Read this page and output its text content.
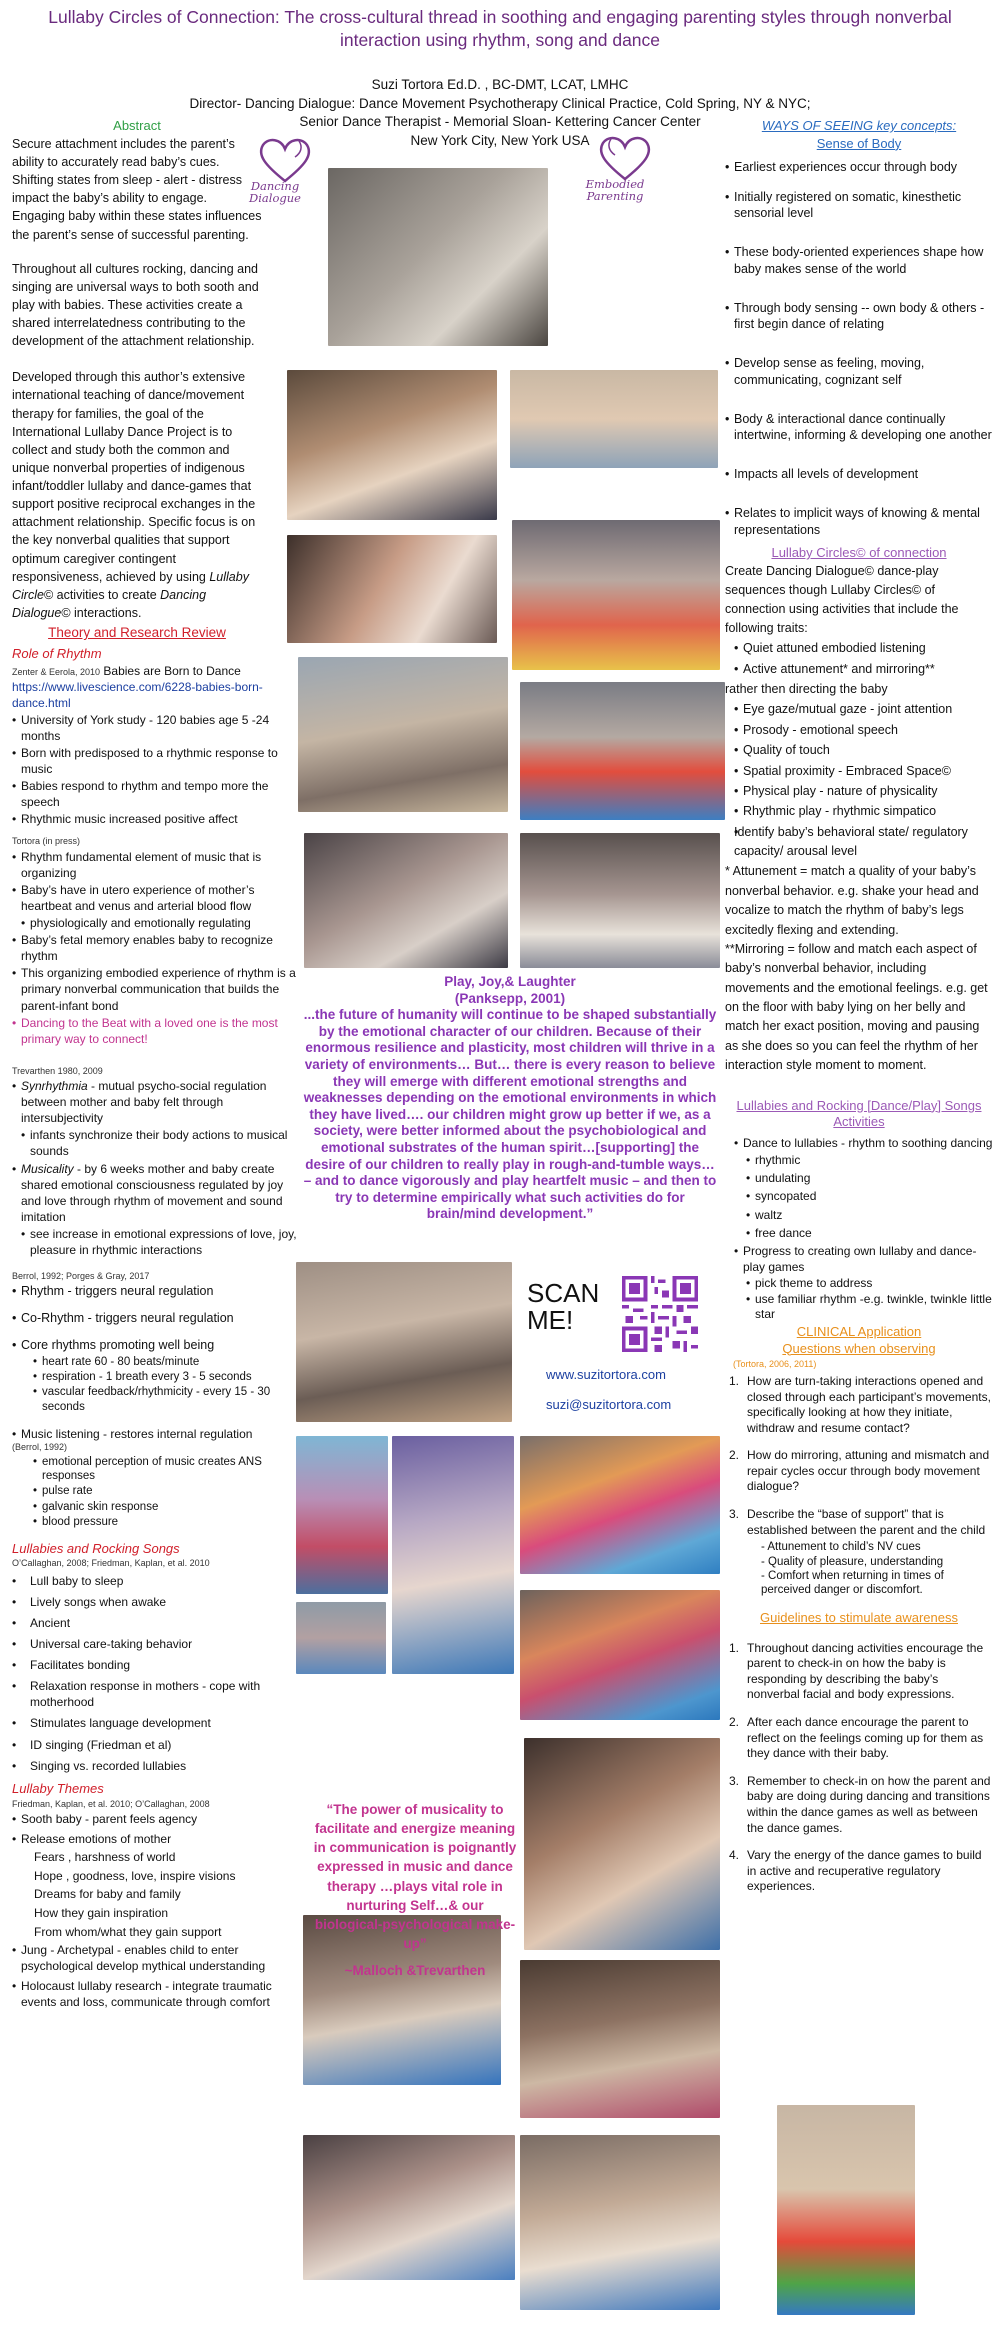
Lullaby Circles of Connection: The cross-cultural thread in soothing and engaging parenting styles through nonverbal interaction using rhythm, song and dance
Suzi Tortora Ed.D. , BC-DMT, LCAT, LMHC
Director- Dancing Dialogue: Dance Movement Psychotherapy Clinical Practice, Cold Spring, NY & NYC;
Senior Dance Therapist - Memorial Sloan- Kettering Cancer Center
New York City, New York USA
Dancing Dialogue
Embodied Parenting
Play, Joy,& Laughter
(Panksepp, 2001)
...the future of humanity will continue to be shaped substantially by the emotional character of our children. Because of their enormous resilience and plasticity, most children will thrive in a variety of environments… But… there is every reason to believe they will emerge with different emotional strengths and weaknesses depending on the emotional environments in which they have lived…. our children might grow up better if we, as a society, were better informed about the psychobiological and emotional substrates of the human spirit…[supporting] the desire of our children to really play in rough-and-tumble ways… – and to dance vigorously and play heartfelt music – and then to try to determine empirically what such activities do for brain/mind development.”
SCAN ME!
www.suzitortora.com
suzi@suzitortora.com
“The power of musicality to facilitate and energize meaning in communication is poignantly expressed in music and dance therapy …plays vital role in nurturing Self…& our biological-psychological make-up”
~Malloch &Trevarthen
Abstract

Secure attachment includes the parent’s ability to accurately read baby’s cues. Shifting states from sleep - alert - distress impact the baby’s ability to engage. Engaging baby within these states influences the parent’s sense of successful parenting.

Throughout all cultures rocking, dancing and singing are universal ways to both sooth and play with babies. These activities create a shared interrelatedness contributing to the development of the attachment relationship.

Developed through this author’s extensive international teaching of dance/movement therapy for families, the goal of the International Lullaby Dance Project is to collect and study both the common and unique nonverbal properties of indigenous infant/toddler lullaby and dance-games that support positive reciprocal exchanges in the attachment relationship. Specific focus is on the key nonverbal qualities that support optimum caregiver contingent responsiveness, achieved by using Lullaby Circle© activities to create Dancing Dialogue© interactions.

Theory and Research Review
Role of Rhythm
Zenter & Eerola, 2010 Babies are Born to Dance https://www.livescience.com/6228-babies-born-dance.html
• University of York study - 120 babies age 5 -24 months
• Born with predisposed to a rhythmic response to music
• Babies respond to rhythm and tempo more the speech
• Rhythmic music increased positive affect
Tortora (in press)
• Rhythm fundamental element of music that is organizing
• Baby’s have in utero experience of mother’s heartbeat and venus and arterial blood flow
• physiologically and emotionally regulating
• Baby’s fetal memory enables baby to recognize rhythm
• This organizing embodied experience of rhythm is a primary nonverbal communication that builds the parent-infant bond
• Dancing to the Beat with a loved one is the most primary way to connect!
Trevarthen 1980, 2009
• Synrhythmia - mutual psycho-social regulation between mother and baby felt through intersubjectivity
• infants synchronize their body actions to musical sounds
• Musicality - by 6 weeks mother and baby create shared emotional consciousness regulated by joy and love through rhythm of movement and sound imitation
• see increase in emotional expressions of love, joy, pleasure in rhythmic interactions
Berrol, 1992; Porges & Gray, 2017
• Rhythm - triggers neural regulation
• Co-Rhythm - triggers neural regulation
• Core rhythms promoting well being
• heart rate 60 - 80 beats/minute
• respiration - 1 breath every 3 - 5 seconds
• vascular feedback/rhythmicity - every 15 - 30 seconds
• Music listening - restores internal regulation
(Berrol, 1992)
• emotional perception of music creates ANS responses
• pulse rate
• galvanic skin response
• blood pressure
Lullabies and Rocking Songs
O’Callaghan, 2008; Friedman, Kaplan, et al. 2010
• Lull baby to sleep
• Lively songs when awake
• Ancient
• Universal care-taking behavior
• Facilitates bonding
• Relaxation response in mothers - cope with motherhood
• Stimulates language development
• ID singing (Friedman et al)
• Singing vs. recorded lullabies
Lullaby Themes
Friedman, Kaplan, et al. 2010; O’Callaghan, 2008
• Sooth baby - parent feels agency
• Release emotions of mother
Fears , harshness of world
Hope , goodness, love, inspire visions
Dreams for baby and family
How they gain inspiration
From whom/what they gain support
• Jung - Archetypal - enables child to enter psychological develop mythical understanding
• Holocaust lullaby research - integrate traumatic events and loss, communicate through comfort
WAYS OF SEEING key concepts:
Sense of Body
• Earliest experiences occur through body
• Initially registered on somatic, kinesthetic sensorial level
• These body-oriented experiences shape how baby makes sense of the world
• Through body sensing -- own body & others - first begin dance of relating
• Develop sense as feeling, moving, communicating, cognizant self
• Body & interactional dance continually intertwine, informing & developing one another
• Impacts all levels of development
• Relates to implicit ways of knowing & mental representations
Lullaby Circles© of connection
Create Dancing Dialogue© dance-play sequences though Lullaby Circles© of connection using activities that include the following traits:
• Quiet attuned embodied listening
• Active attunement* and mirroring**
rather then directing the baby
• Eye gaze/mutual gaze - joint attention
• Prosody - emotional speech
• Quality of touch
• Spatial proximity - Embraced Space©
• Physical play - nature of physicality
• Rhythmic play - rhythmic simpatico
• Identify baby’s behavioral state/ regulatory capacity/ arousal level
* Attunement = match a quality of your baby’s nonverbal behavior. e.g. shake your head and vocalize to match the rhythm of baby’s legs excitedly flexing and extending.
**Mirroring = follow and match each aspect of baby’s nonverbal behavior, including movements and the emotional feelings. e.g. get on the floor with baby lying on her belly and match her exact position, moving and pausing as she does so you can feel the rhythm of her interaction style moment to moment.
Lullabies and Rocking [Dance/Play] Songs Activities
• Dance to lullabies - rhythm to soothing dancing
• rhythmic
• undulating
• syncopated
• waltz
• free dance
• Progress to creating own lullaby and dance-play games
• pick theme to address
• use familiar rhythm -e.g. twinkle, twinkle little star
CLINICAL Application
Questions when observing
(Tortora, 2006, 2011)
1. How are turn-taking interactions opened and closed through each participant’s movements, specifically looking at how they initiate, withdraw and resume contact?
2. How do mirroring, attuning and mismatch and repair cycles occur through body movement dialogue?
3. Describe the “base of support” that is established between the parent and the child
- Attunement to child’s NV cues
- Quality of pleasure, understanding
- Comfort when returning in times of perceived danger or discomfort.
Guidelines to stimulate awareness
1. Throughout dancing activities encourage the parent to check-in on how the baby is responding by describing the baby’s nonverbal facial and body expressions.
2. After each dance encourage the parent to reflect on the feelings coming up for them as they dance with their baby.
3. Remember to check-in on how the parent and baby are doing during dancing and transitions within the dance games as well as between the dance games.
4. Vary the energy of the dance games to build in active and recuperative regulatory experiences.
